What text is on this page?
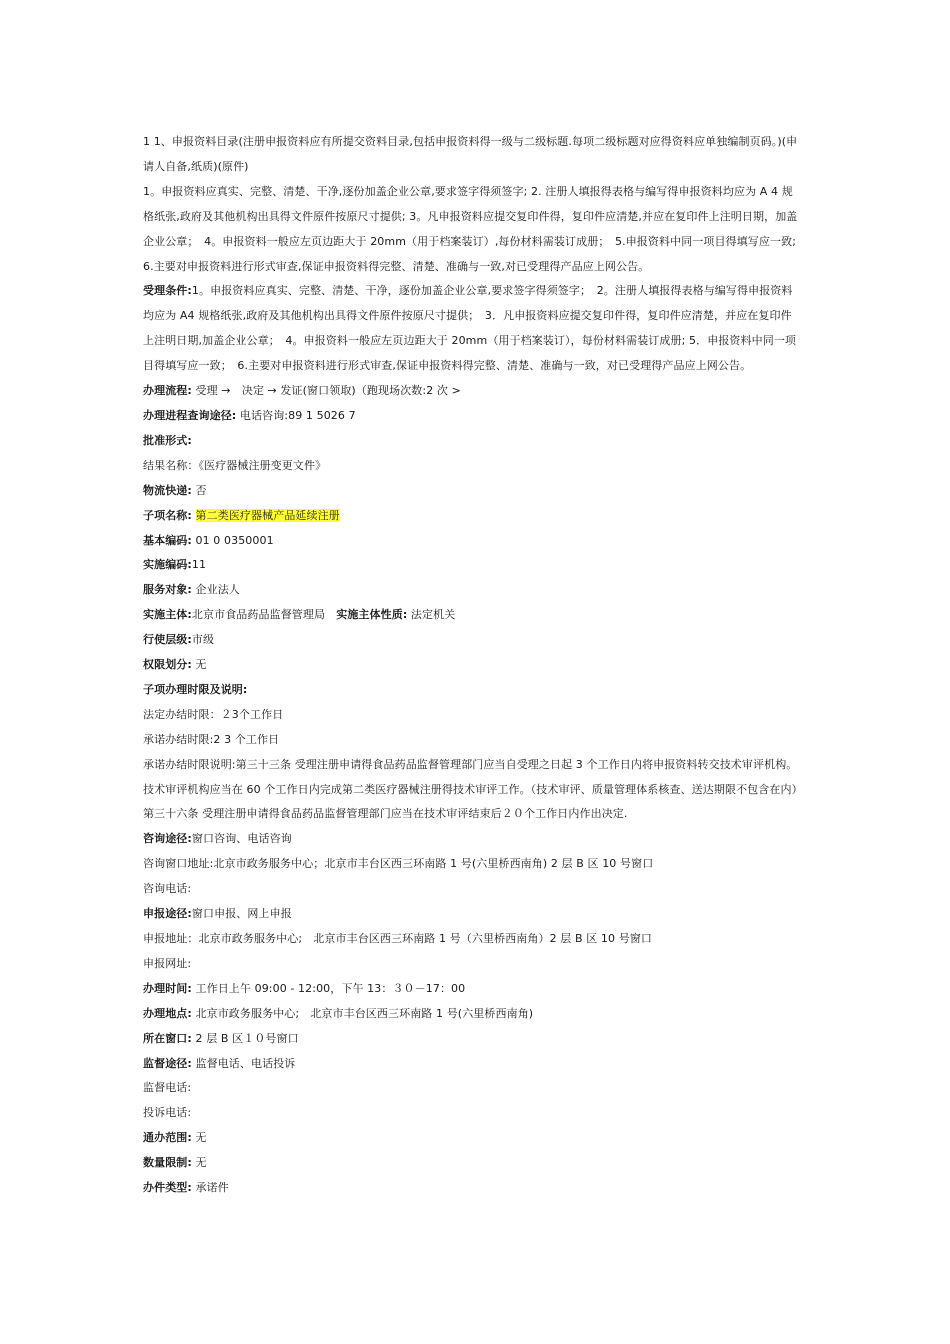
1 1、申报资料目录(注册申报资料应有所提交资料目录,包括申报资料得一级与二级标题.每项二级标题对应得资料应单独编制页码。)(申请人自备,纸质)(原件)

1。申报资料应真实、完整、清楚、干净,逐份加盖企业公章,要求签字得须签字; 2. 注册人填报得表格与编写得申报资料均应为 A 4 规格纸张,政府及其他机构出具得文件原件按原尺寸提供; 3。凡申报资料应提交复印件得，复印件应清楚,并应在复印件上注明日期，加盖企业公章；　4。申报资料一般应左页边距大于 20mm（用于档案装订）,每份材料需装订成册；　5.申报资料中同一项目得填写应一致; 6.主要对申报资料进行形式审查,保证申报资料得完整、清楚、准确与一致,对已受理得产品应上网公告。

受理条件:1。申报资料应真实、完整、清楚、干净，逐份加盖企业公章,要求签字得须签字；　2。注册人填报得表格与编写得申报资料均应为 A4 规格纸张,政府及其他机构出具得文件原件按原尺寸提供；　3．凡申报资料应提交复印件得，复印件应清楚，并应在复印件上注明日期,加盖企业公章；　4。申报资料一般应左页边距大于 20mm（用于档案装订），每份材料需装订成册; 5．申报资料中同一项目得填写应一致；　6.主要对申报资料进行形式审查,保证申报资料得完整、清楚、准确与一致，对已受理得产品应上网公告。

办理流程: 受理 →　决定 → 发证(窗口领取)（跑现场次数:2 次 >

办理进程查询途径: 电话咨询:89 1 5026 7

批准形式:

结果名称：《医疗器械注册变更文件》

物流快递: 否

子项名称: 第二类医疗器械产品延续注册

基本编码: 01 0 0350001

实施编码:11

服务对象: 企业法人

实施主体:北京市食品药品监督管理局　实施主体性质: 法定机关

行使层级:市级

权限划分: 无

子项办理时限及说明:

法定办结时限：２3个工作日

承诺办结时限:2 3 个工作日

承诺办结时限说明:第三十三条 受理注册申请得食品药品监督管理部门应当自受理之日起 3 个工作日内将申报资料转交技术审评机构。技术审评机构应当在 60 个工作日内完成第二类医疗器械注册得技术审评工作。（技术审评、质量管理体系核查、送达期限不包含在内）　第三十六条 受理注册申请得食品药品监督管理部门应当在技术审评结束后２０个工作日内作出决定.

咨询途径:窗口咨询、电话咨询

咨询窗口地址:北京市政务服务中心；北京市丰台区西三环南路 1 号(六里桥西南角) 2 层 B 区 10 号窗口

咨询电话:

申报途径:窗口申报、网上申报

申报地址：北京市政务服务中心;　北京市丰台区西三环南路 1 号（六里桥西南角）2 层 B 区 10 号窗口

申报网址:

办理时间: 工作日上午 09:00 - 12:00，下午 13：３０－17：00

办理地点: 北京市政务服务中心;　北京市丰台区西三环南路 1 号(六里桥西南角)

所在窗口: 2 层 B 区１０号窗口

监督途径: 监督电话、电话投诉

监督电话:

投诉电话:

通办范围: 无

数量限制: 无

办件类型: 承诺件
